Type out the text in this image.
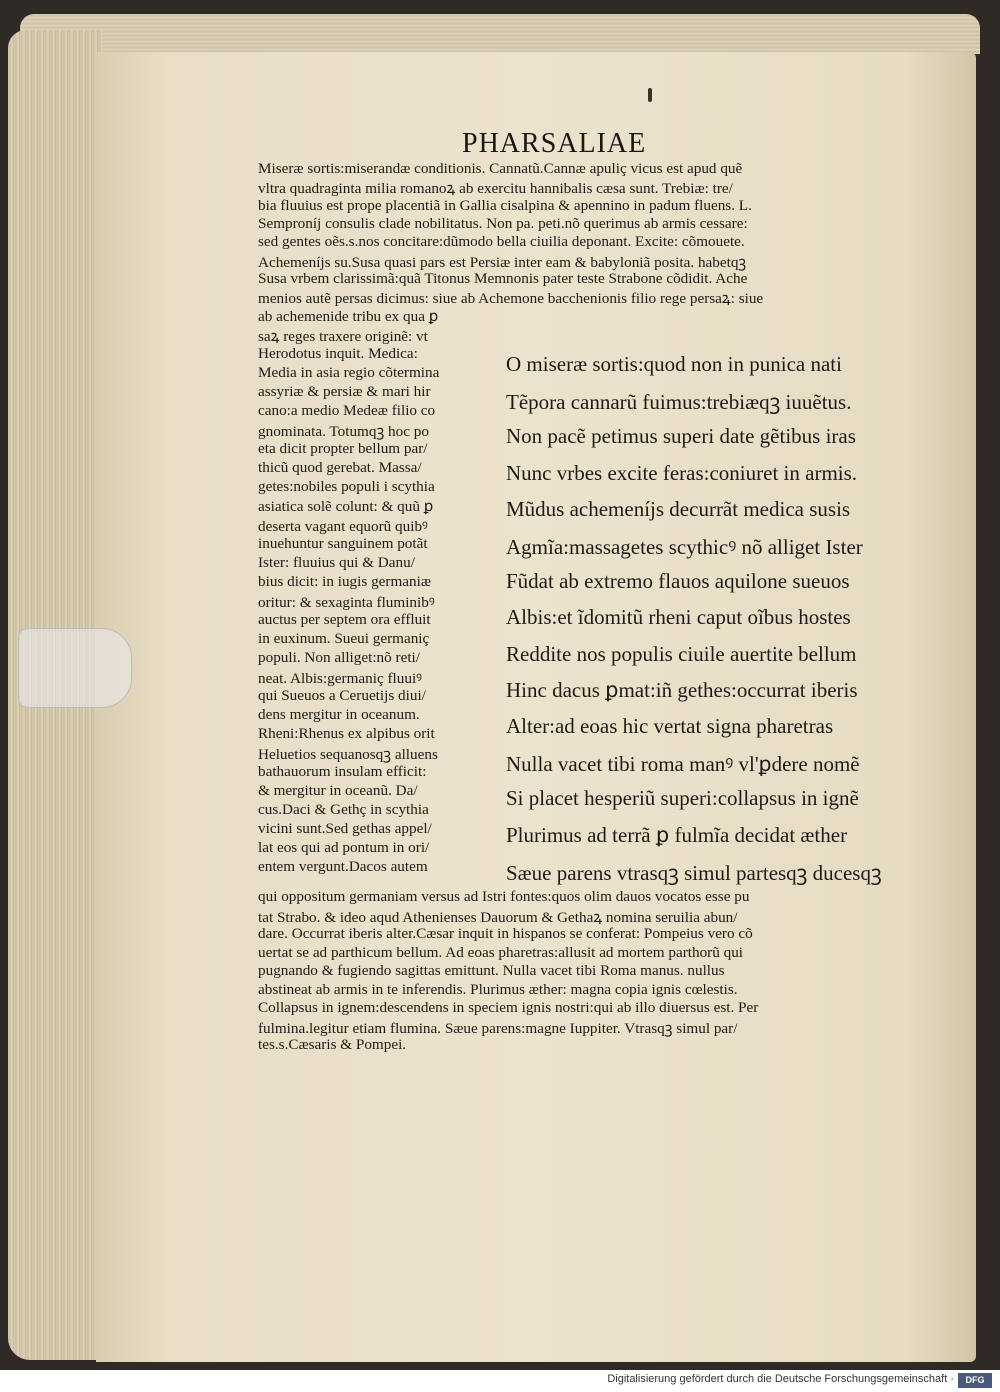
PHARSALIAE
Miseræ sortis:miserandæ conditionis. Cannatũ.Cannæ apuliç vicus est apud quẽ
vltra quadraginta milia romanoꝝ ab exercitu hannibalis cæsa sunt. Trebiæ: tre/
bia fluuius est prope placentiã in Gallia cisalpina & apennino in padum fluens. L.
Semproníj consulis clade nobilitatus. Non pa. peti.nõ querimus ab armis cessare:
sed gentes oẽs.s.nos concitare:dũmodo bella ciuilia deponant. Excite: cõmouete.
Achemeníjs su.Susa quasi pars est Persiæ inter eam & babyloniã posita. habetqꝫ
Susa vrbem clarissimã:quã Titonus Memnonis pater teste Strabone cõdidit. Ache
menios autẽ persas dicimus: siue ab Achemone bacchenionis filio rege persaꝝ: siue
ab achemenide tribu ex qua ꝑ
saꝝ reges traxere originẽ: vt
Herodotus inquit. Medica:
Media in asia regio cõtermina
assyriæ & persiæ & mari hir
cano:a medio Medeæ filio co
gnominata. Totumqꝫ hoc po
eta dicit propter bellum par/
thicũ quod gerebat. Massa/
getes:nobiles populi i scythia
asiatica solẽ colunt: & quũ ꝑ
deserta vagant equorũ quibꝰ
inuehuntur sanguinem potãt
Ister: fluuius qui & Danu/
bius dicit: in iugis germaniæ
oritur: & sexaginta fluminibꝰ
auctus per septem ora effluit
in euxinum. Sueui germaniç
populi. Non alliget:nõ reti/
neat. Albis:germaniç fluuiꝰ
qui Sueuos a Ceruetijs diui/
dens mergitur in oceanum.
Rheni:Rhenus ex alpibus orit
Heluetios sequanosqꝫ alluens
bathauorum insulam efficit:
& mergitur in oceanũ. Da/
cus.Daci & Gethç in scythia
vicini sunt.Sed gethas appel/
lat eos qui ad pontum in ori/
entem vergunt.Dacos autem
O miseræ sortis:quod non in punica nati
Tẽpora cannarũ fuimus:trebiæqꝫ iuuẽtus.
Non pacẽ petimus superi date gẽtibus iras
Nunc vrbes excite feras:coniuret in armis.
Mũdus achemeníjs decurrãt medica susis
Agmĩa:massagetes scythicꝰ nõ alliget Ister
Fũdat ab extremo flauos aquilone sueuos
Albis:et ĩdomitũ rheni caput oĩbus hostes
Reddite nos populis ciuile auertite bellum
Hinc dacus ꝑmat:iñ gethes:occurrat iberis
Alter:ad eoas hic vertat signa pharetras
Nulla vacet tibi roma manꝰ vl'ꝑdere nomẽ
Si placet hesperiũ superi:collapsus in ignẽ
Plurimus ad terrã ꝑ fulmĩa decidat æther
Sæue parens vtrasqꝫ simul partesqꝫ ducesqꝫ
qui oppositum germaniam versus ad Istri fontes:quos olim dauos vocatos esse pu
tat Strabo. & ideo aqud Athenienses Dauorum & Gethaꝝ nomina seruilia abun/
dare. Occurrat iberis alter.Cæsar inquit in hispanos se conferat: Pompeius vero cõ
uertat se ad parthicum bellum. Ad eoas pharetras:allusit ad mortem parthorũ qui
pugnando & fugiendo sagittas emittunt. Nulla vacet tibi Roma manus. nullus
abstineat ab armis in te inferendis. Plurimus æther: magna copia ignis cœlestis.
Collapsus in ignem:descendens in speciem ignis nostri:qui ab illo diuersus est. Per
fulmina.legitur etiam flumina. Sæue parens:magne Iuppiter. Vtrasqꝫ simul par/
tes.s.Cæsaris & Pompei.
Digitalisierung gefördert durch die Deutsche Forschungsgemeinschaft ·	DFG
